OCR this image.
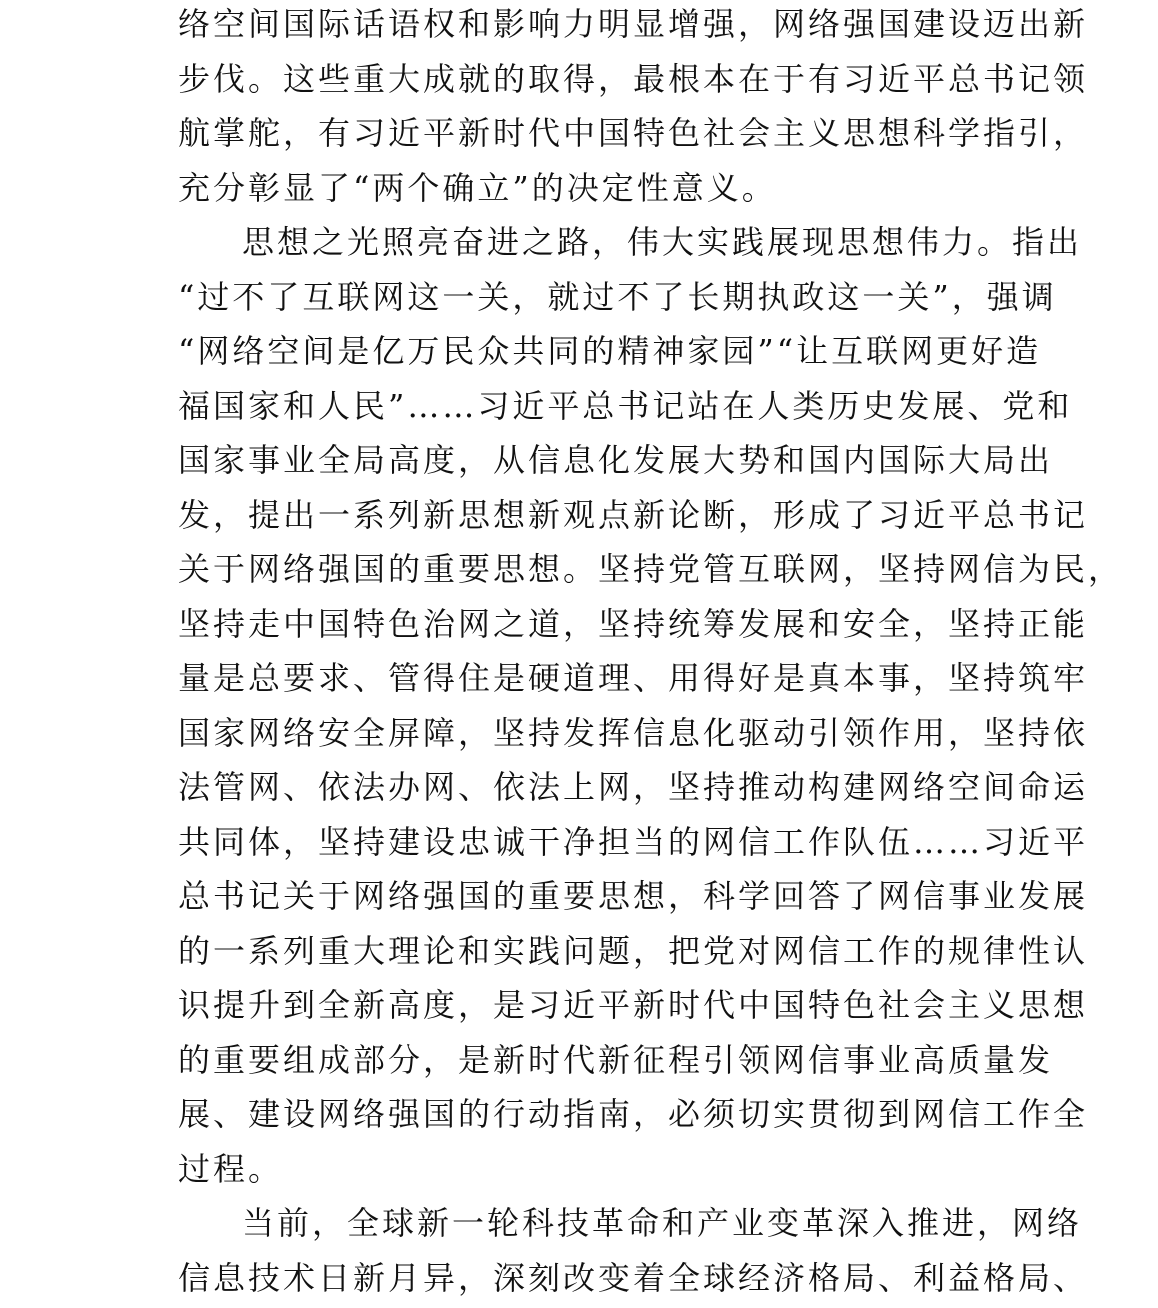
络空间国际话语权和影响力明显增强，网络强国建设迈出新
步伐。这些重大成就的取得，最根本在于有习近平总书记领
航掌舵，有习近平新时代中国特色社会主义思想科学指引，
充分彰显了“两个确立”的决定性意义。
思想之光照亮奋进之路，伟大实践展现思想伟力。指出
“过不了互联网这一关，就过不了长期执政这一关”，强调
“网络空间是亿万民众共同的精神家园”“让互联网更好造
福国家和人民”……习近平总书记站在人类历史发展、党和
国家事业全局高度，从信息化发展大势和国内国际大局出
发，提出一系列新思想新观点新论断，形成了习近平总书记
关于网络强国的重要思想。坚持党管互联网，坚持网信为民，
坚持走中国特色治网之道，坚持统筹发展和安全，坚持正能
量是总要求、管得住是硬道理、用得好是真本事，坚持筑牢
国家网络安全屏障，坚持发挥信息化驱动引领作用，坚持依
法管网、依法办网、依法上网，坚持推动构建网络空间命运
共同体，坚持建设忠诚干净担当的网信工作队伍……习近平
总书记关于网络强国的重要思想，科学回答了网信事业发展
的一系列重大理论和实践问题，把党对网信工作的规律性认
识提升到全新高度，是习近平新时代中国特色社会主义思想
的重要组成部分，是新时代新征程引领网信事业高质量发
展、建设网络强国的行动指南，必须切实贯彻到网信工作全
过程。
当前，全球新一轮科技革命和产业变革深入推进，网络
信息技术日新月异，深刻改变着全球经济格局、利益格局、
